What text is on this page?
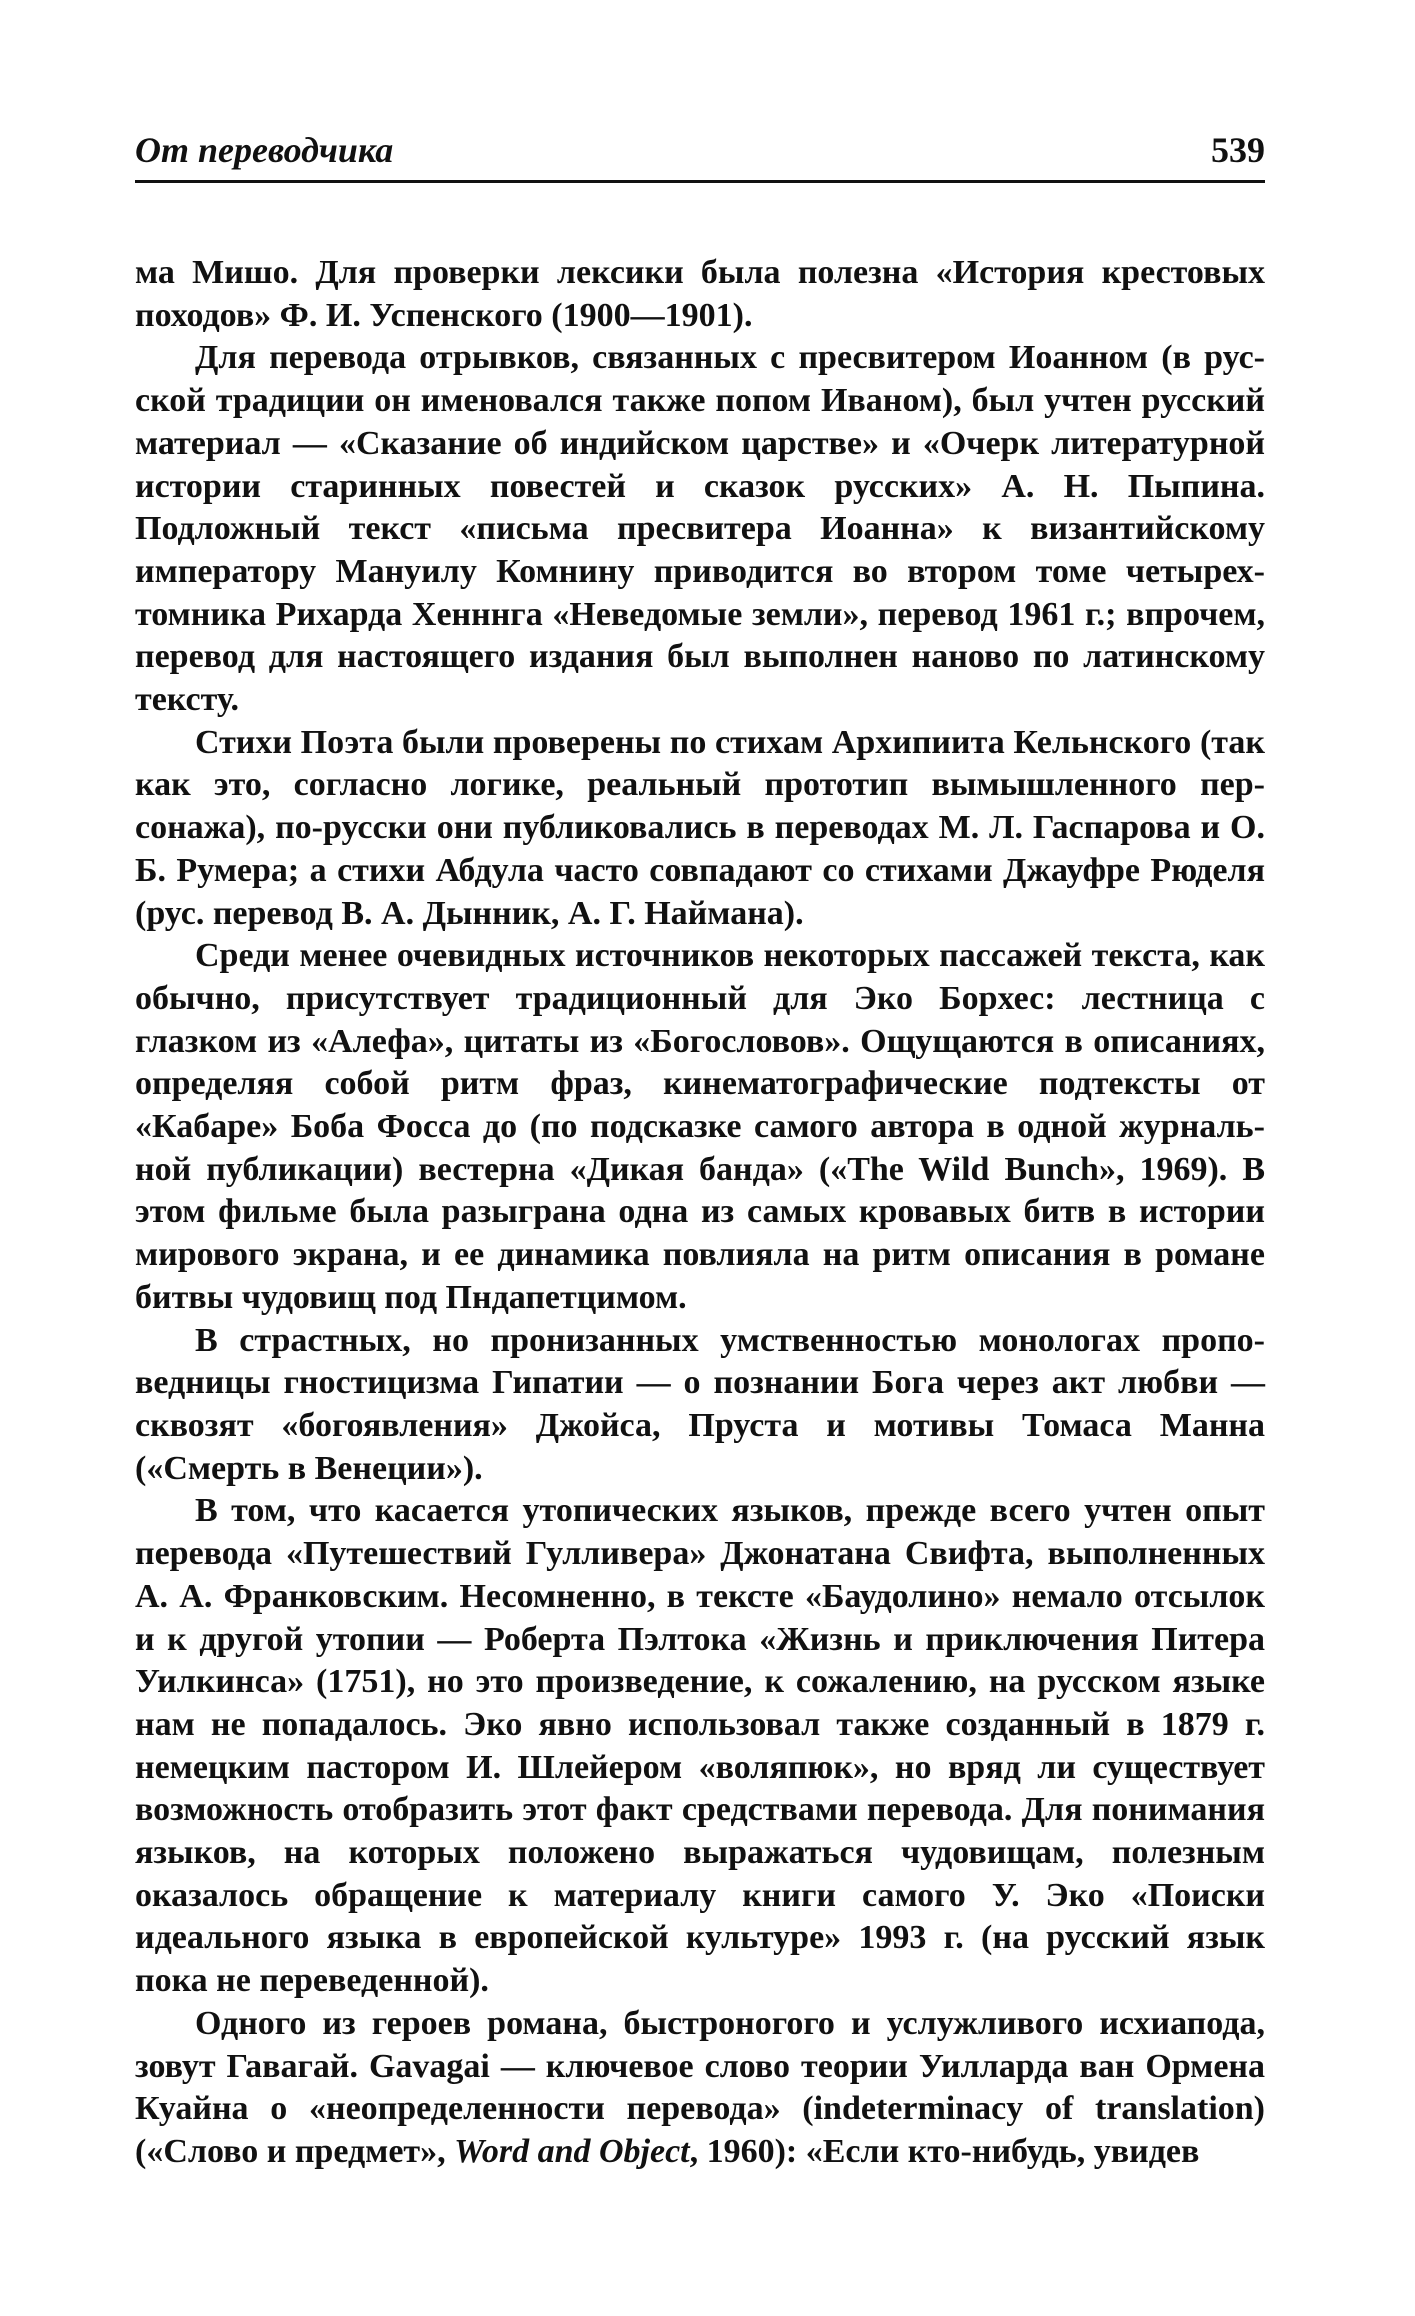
От переводчика	539

ма Мишо. Для проверки лексики была полезна «История крестовых походов» Ф. И. Успенского (1900—1901).

Для перевода отрывков, связанных с пресвитером Иоанном (в русской традиции он именовался также попом Иваном), был учтен русский материал — «Сказание об индийском царстве» и «Очерк литературной истории старинных повестей и сказок русских» А. Н. Пыпина. Подложный текст «письма пресвитера Иоанна» к византийскому императору Мануилу Комнину приводится во втором томе четырехтомника Рихарда Хенннга «Неведомые земли», перевод 1961 г.; впрочем, перевод для настоящего издания был выполнен наново по латинскому тексту.

Стихи Поэта были проверены по стихам Архипиита Кельнского (так как это, согласно логике, реальный прототип вымышленного персонажа), по-русски они публиковались в переводах М. Л. Гаспарова и О. Б. Румера; а стихи Абдула часто совпадают со стихами Джауфре Рюделя (рус. перевод В. А. Дынник, А. Г. Наймана).

Среди менее очевидных источников некоторых пассажей текста, как обычно, присутствует традиционный для Эко Борхес: лестница с глазком из «Алефа», цитаты из «Богословов». Ощущаются в описаниях, определяя собой ритм фраз, кинематографические подтексты от «Кабаре» Боба Фосса до (по подсказке самого автора в одной журнальной публикации) вестерна «Дикая банда» («The Wild Bunch», 1969). В этом фильме была разыграна одна из самых кровавых битв в истории мирового экрана, и ее динамика повлияла на ритм описания в романе битвы чудовищ под Пндапетцимом.

В страстных, но пронизанных умственностью монологах проповедницы гностицизма Гипатии — о познании Бога через акт любви — сквозят «богоявления» Джойса, Пруста и мотивы Томаса Манна («Смерть в Венеции»).

В том, что касается утопических языков, прежде всего учтен опыт перевода «Путешествий Гулливера» Джонатана Свифта, выполненных А. А. Франковским. Несомненно, в тексте «Баудолино» немало отсылок и к другой утопии — Роберта Пэлтока «Жизнь и приключения Питера Уилкинса» (1751), но это произведение, к сожалению, на русском языке нам не попадалось. Эко явно использовал также созданный в 1879 г. немецким пастором И. Шлейером «воляпюк», но вряд ли существует возможность отобразить этот факт средствами перевода. Для понимания языков, на которых положено выражаться чудовищам, полезным оказалось обращение к материалу книги самого У. Эко «Поиски идеального языка в европейской культуре» 1993 г. (на русский язык пока не переведенной).

Одного из героев романа, быстроногого и услужливого исхиапода, зовут Гавагай. Gavagai — ключевое слово теории Уилларда ван Ормена Куайна о «неопределенности перевода» (indeterminacy of translation) («Слово и предмет», Word and Object, 1960): «Если кто-нибудь, увидев
